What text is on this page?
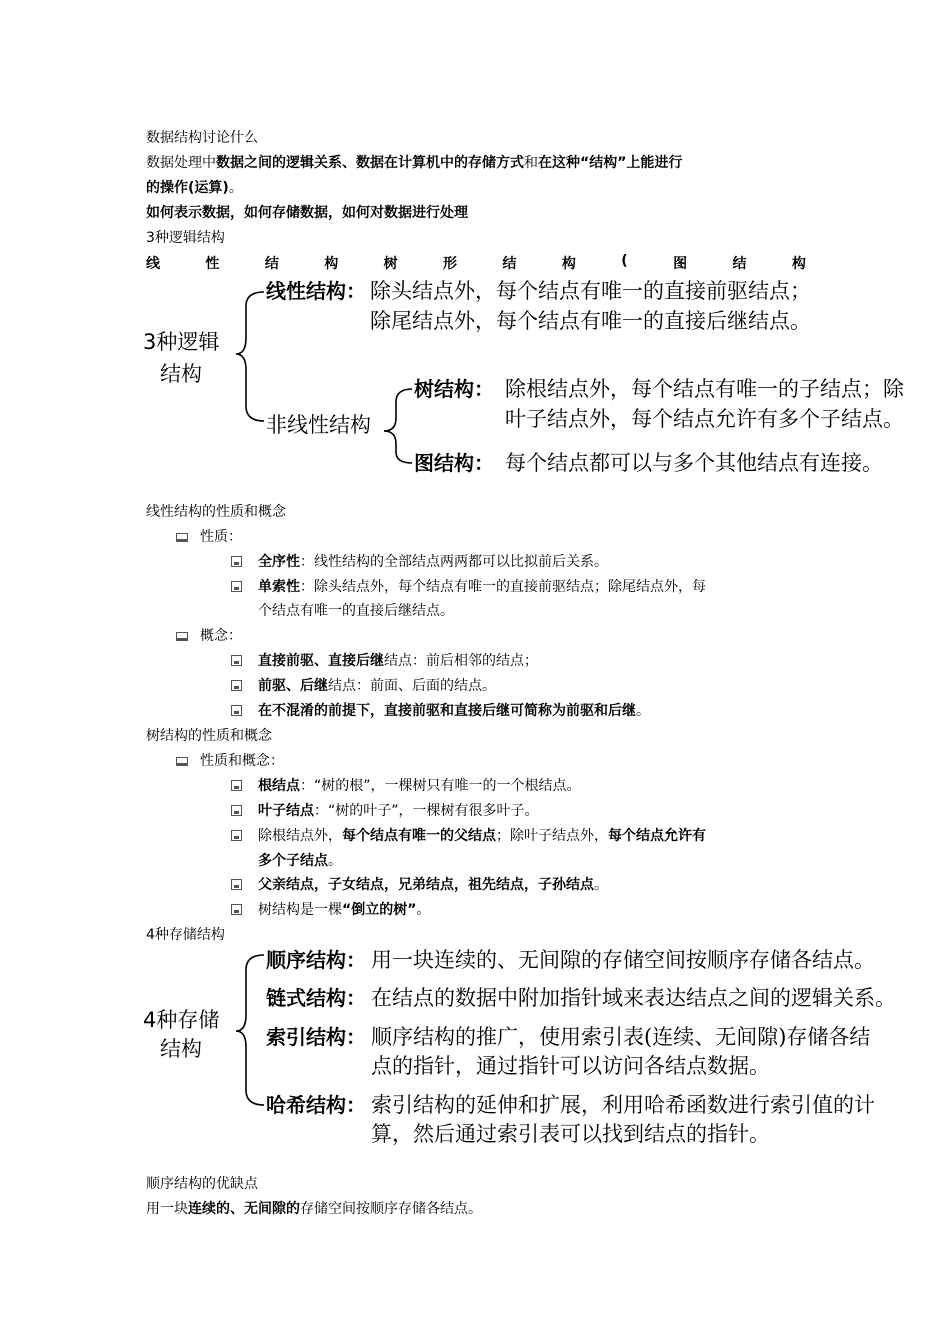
数据结构讨论什么
数据处理中数据之间的逻辑关系、数据在计算机中的存储方式和在这种“结构”上能进行
的操作(运算)。
如何表示数据，如何存储数据，如何对数据进行处理
3种逻辑结构
线	性	结	构	树	形	结	构	(	图	结	构
3种逻辑
结构
线性结构： 除头结点外，每个结点有唯一的直接前驱结点；
除尾结点外，每个结点有唯一的直接后继结点。
非线性结构
树结构： 除根结点外，每个结点有唯一的子结点；除
叶子结点外，每个结点允许有多个子结点。
图结构： 每个结点都可以与多个其他结点有连接。
线性结构的性质和概念
性质：
全序性：线性结构的全部结点两两都可以比拟前后关系。
单索性：除头结点外，每个结点有唯一的直接前驱结点；除尾结点外，每
个结点有唯一的直接后继结点。
概念：
直接前驱、直接后继结点：前后相邻的结点；
前驱、后继结点：前面、后面的结点。
在不混淆的前提下，直接前驱和直接后继可简称为前驱和后继。
树结构的性质和概念
性质和概念：
根结点：“树的根”，一棵树只有唯一的一个根结点。
叶子结点：“树的叶子”，一棵树有很多叶子。
除根结点外，每个结点有唯一的父结点；除叶子结点外，每个结点允许有
多个子结点。
父亲结点，子女结点，兄弟结点，祖先结点，子孙结点。
树结构是一棵“倒立的树”。
4种存储结构
4种存储
结构
顺序结构： 用一块连续的、无间隙的存储空间按顺序存储各结点。
链式结构： 在结点的数据中附加指针域来表达结点之间的逻辑关系。
索引结构： 顺序结构的推广，使用索引表(连续、无间隙)存储各结
点的指针，通过指针可以访问各结点数据。
哈希结构： 索引结构的延伸和扩展，利用哈希函数进行索引值的计
算，然后通过索引表可以找到结点的指针。
顺序结构的优缺点
用一块连续的、无间隙的存储空间按顺序存储各结点。
